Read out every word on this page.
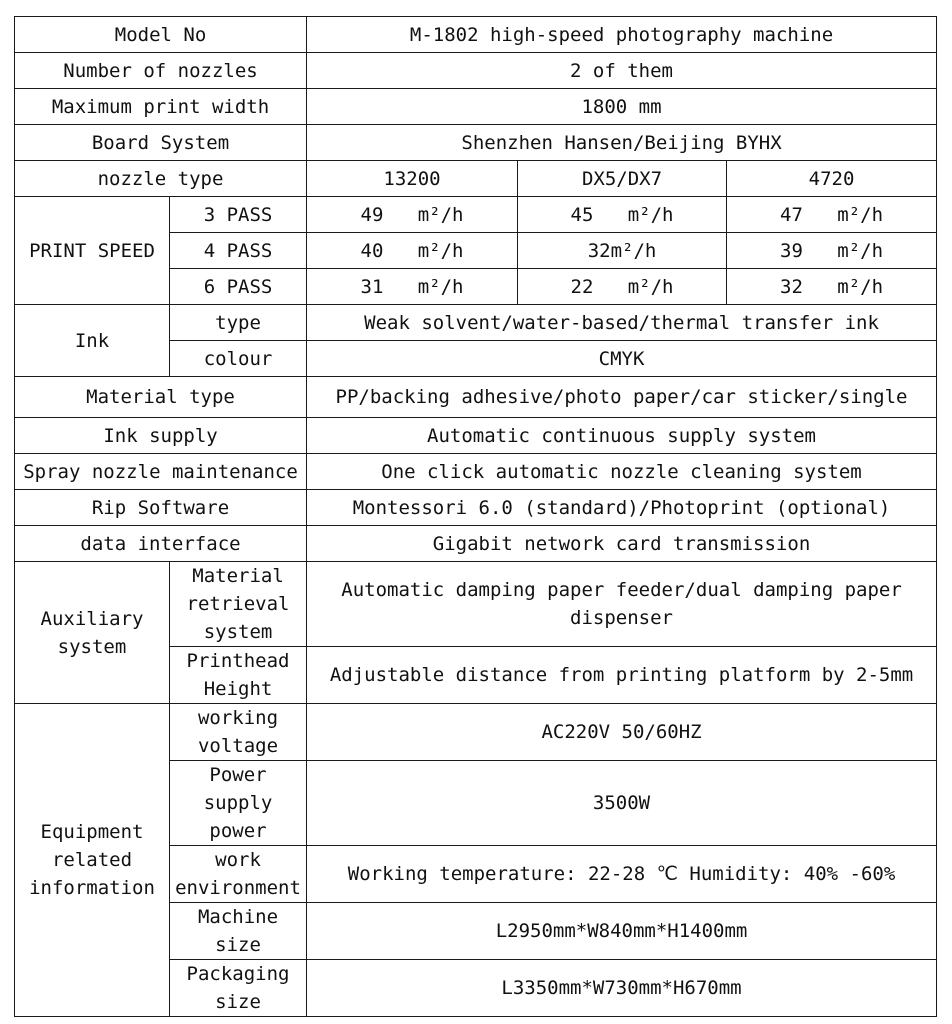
Model No		M-1802 high-speed photography machine		
Number of nozzles		2 of them		
Maximum print width		1800 mm		
Board System		Shenzhen Hansen/Beijing BYHX		
nozzle type		13200	DX5/DX7	4720
PRINT SPEED	3 PASS	49 m²/h	45 m²/h	47 m²/h
	4 PASS	40 m²/h	32m²/h	39 m²/h
	6 PASS	31 m²/h	22 m²/h	32 m²/h
Ink	type	Weak solvent/water-based/thermal transfer ink		
	colour	CMYK		
Material type		PP/backing adhesive/photo paper/car sticker/single		
Ink supply		Automatic continuous supply system		
Spray nozzle maintenance		One click automatic nozzle cleaning system		
Rip Software		Montessori 6.0 (standard)/Photoprint (optional)		
data interface		Gigabit network card transmission		
Auxiliary system	Material retrieval system	Automatic damping paper feeder/dual damping paper dispenser		
	Printhead Height	Adjustable distance from printing platform by 2-5mm		
Equipment related information	working voltage	AC220V 50/60HZ		
	Power supply power	3500W		
	work environment	Working temperature: 22-28 ℃ Humidity: 40% -60%		
	Machine size	L2950mm*W840mm*H1400mm		
	Packaging size	L3350mm*W730mm*H670mm		
